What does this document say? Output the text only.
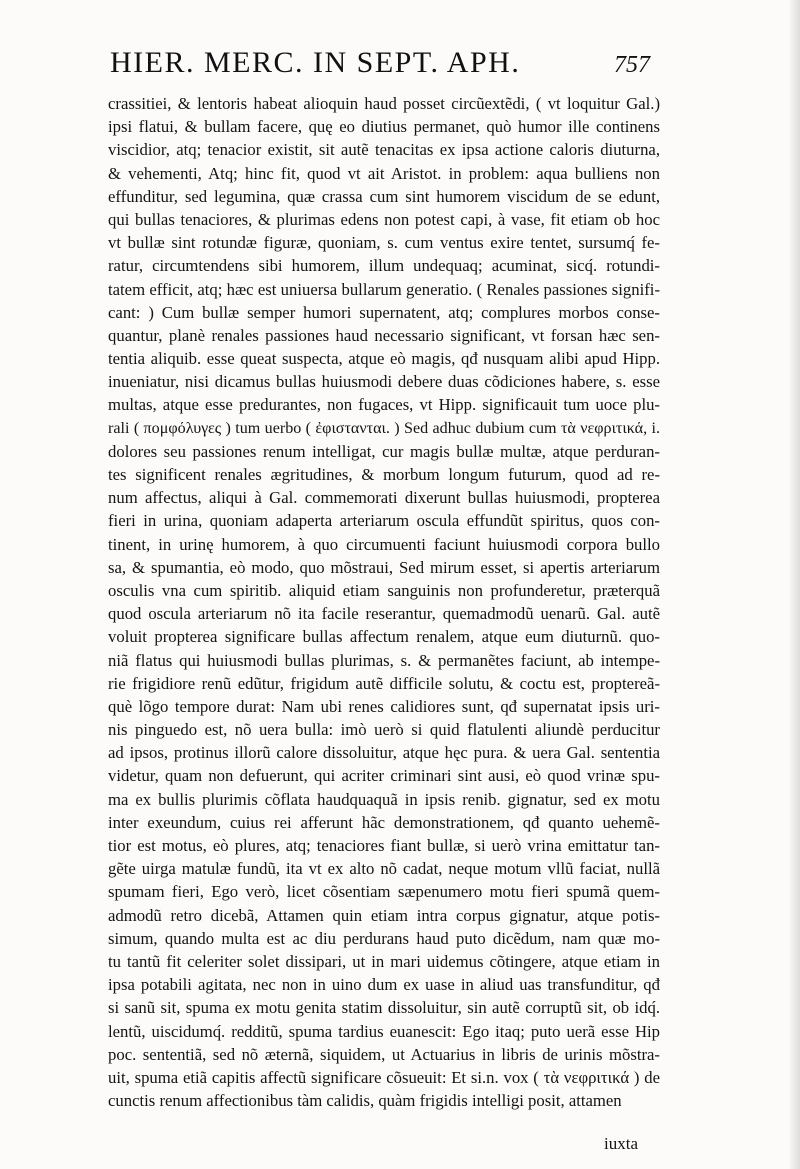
HIER. MERC. IN SEPT. APH.	757
crassitiei, & lentoris habeat alioquin haud posset circũextẽdi, ( vt loquitur Gal.)
ipsi flatui, & bullam facere, quę eo diutius permanet, quò humor ille continens
viscidior, atq; tenacior existit, sit autẽ tenacitas ex ipsa actione caloris diuturna,
& vehementi, Atq; hinc fit, quod vt ait Aristot. in problem: aqua bulliens non
effunditur, sed legumina, quæ crassa cum sint humorem viscidum de se edunt,
qui bullas tenaciores, & plurimas edens non potest capi, à vase, fit etiam ob hoc
vt bullæ sint rotundæ figuræ, quoniam, s. cum ventus exire tentet, sursumq́ fe-
ratur, circumtendens sibi humorem, illum undequaq; acuminat, sicq́. rotundi-
tatem efficit, atq; hæc est uniuersa bullarum generatio. ( Renales passiones signifi-
cant: ) Cum bullæ semper humori supernatent, atq; complures morbos conse-
quantur, planè renales passiones haud necessario significant, vt forsan hæc sen-
tentia aliquib. esse queat suspecta, atque eò magis, qđ nusquam alibi apud Hipp.
inueniatur, nisi dicamus bullas huiusmodi debere duas cõdiciones habere, s. esse
multas, atque esse predurantes, non fugaces, vt Hipp. significauit tum uoce plu-
rali ( πομφόλυγες ) tum uerbo ( ἐφιστανται. ) Sed adhuc dubium cum τὰ νεφριτικά, i.
dolores seu passiones renum intelligat, cur magis bullæ multæ, atque perduran-
tes significent renales ægritudines, & morbum longum futurum, quod ad re-
num affectus, aliqui à Gal. commemorati dixerunt bullas huiusmodi, propterea
fieri in urina, quoniam adaperta arteriarum oscula effundũt spiritus, quos con-
tinent, in urinę humorem, à quo circumuenti faciunt huiusmodi corpora bullo
sa, & spumantia, eò modo, quo mõstraui, Sed mirum esset, si apertis arteriarum
osculis vna cum spiritib. aliquid etiam sanguinis non profunderetur, præterquã
quod oscula arteriarum nõ ita facile reserantur, quemadmodũ uenarũ. Gal. autẽ
voluit propterea significare bullas affectum renalem, atque eum diuturnũ. quo-
niã flatus qui huiusmodi bullas plurimas, s. & permanẽtes faciunt, ab intempe-
rie frigidiore renũ edũtur, frigidum autẽ difficile solutu, & coctu est, proptereã-
què lõgo tempore durat: Nam ubi renes calidiores sunt, qđ supernatat ipsis uri-
nis pinguedo est, nõ uera bulla: imò uerò si quid flatulenti aliundè perducitur
ad ipsos, protinus illorũ calore dissoluitur, atque hęc pura. & uera Gal. sententia
videtur, quam non defuerunt, qui acriter criminari sint ausi, eò quod vrinæ spu-
ma ex bullis plurimis cõflata haudquaquã in ipsis renib. gignatur, sed ex motu
inter exeundum, cuius rei afferunt hãc demonstrationem, qđ quanto uehemẽ-
tior est motus, eò plures, atq; tenaciores fiant bullæ, si uerò vrina emittatur tan-
gẽte uirga matulæ fundũ, ita vt ex alto nõ cadat, neque motum vllũ faciat, nullã
spumam fieri, Ego verò, licet cõsentiam sæpenumero motu fieri spumã quem-
admodũ retro dicebã, Attamen quin etiam intra corpus gignatur, atque potis-
simum, quando multa est ac diu perdurans haud puto dicẽdum, nam quæ mo-
tu tantũ fit celeriter solet dissipari, ut in mari uidemus cõtingere, atque etiam in
ipsa potabili agitata, nec non in uino dum ex uase in aliud uas transfunditur, qđ
si sanũ sit, spuma ex motu genita statim dissoluitur, sin autẽ corruptũ sit, ob idq́.
lentũ, uiscidumq́. redditũ, spuma tardius euanescit: Ego itaq; puto uerã esse Hip
poc. sententiã, sed nõ æternã, siquidem, ut Actuarius in libris de urinis mõstra-
uit, spuma etiã capitis affectũ significare cõsueuit: Et si.n. vox ( τὰ νεφριτικά ) de
cunctis renum affectionibus tàm calidis, quàm frigidis intelligi posit, attamen
iuxta
